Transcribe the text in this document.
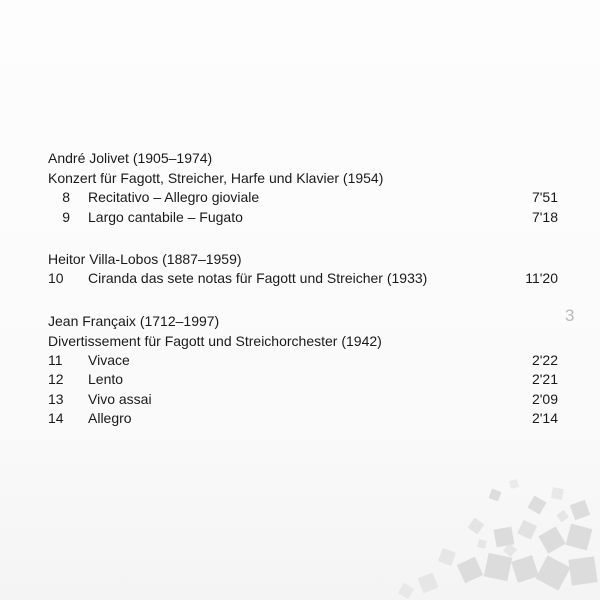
André Jolivet (1905–1974)
Konzert für Fagott, Streicher, Harfe und Klavier (1954)
8 Recitativo – Allegro gioviale	7'51
9 Largo cantabile – Fugato	7'18
Heitor Villa-Lobos (1887–1959)
10	Ciranda das sete notas für Fagott und Streicher (1933)	11'20
Jean Françaix (1712–1997)
Divertissement für Fagott und Streichorchester (1942)
11	Vivace	2'22
12	Lento	2'21
13	Vivo assai	2'09
14	Allegro	2'14
3
